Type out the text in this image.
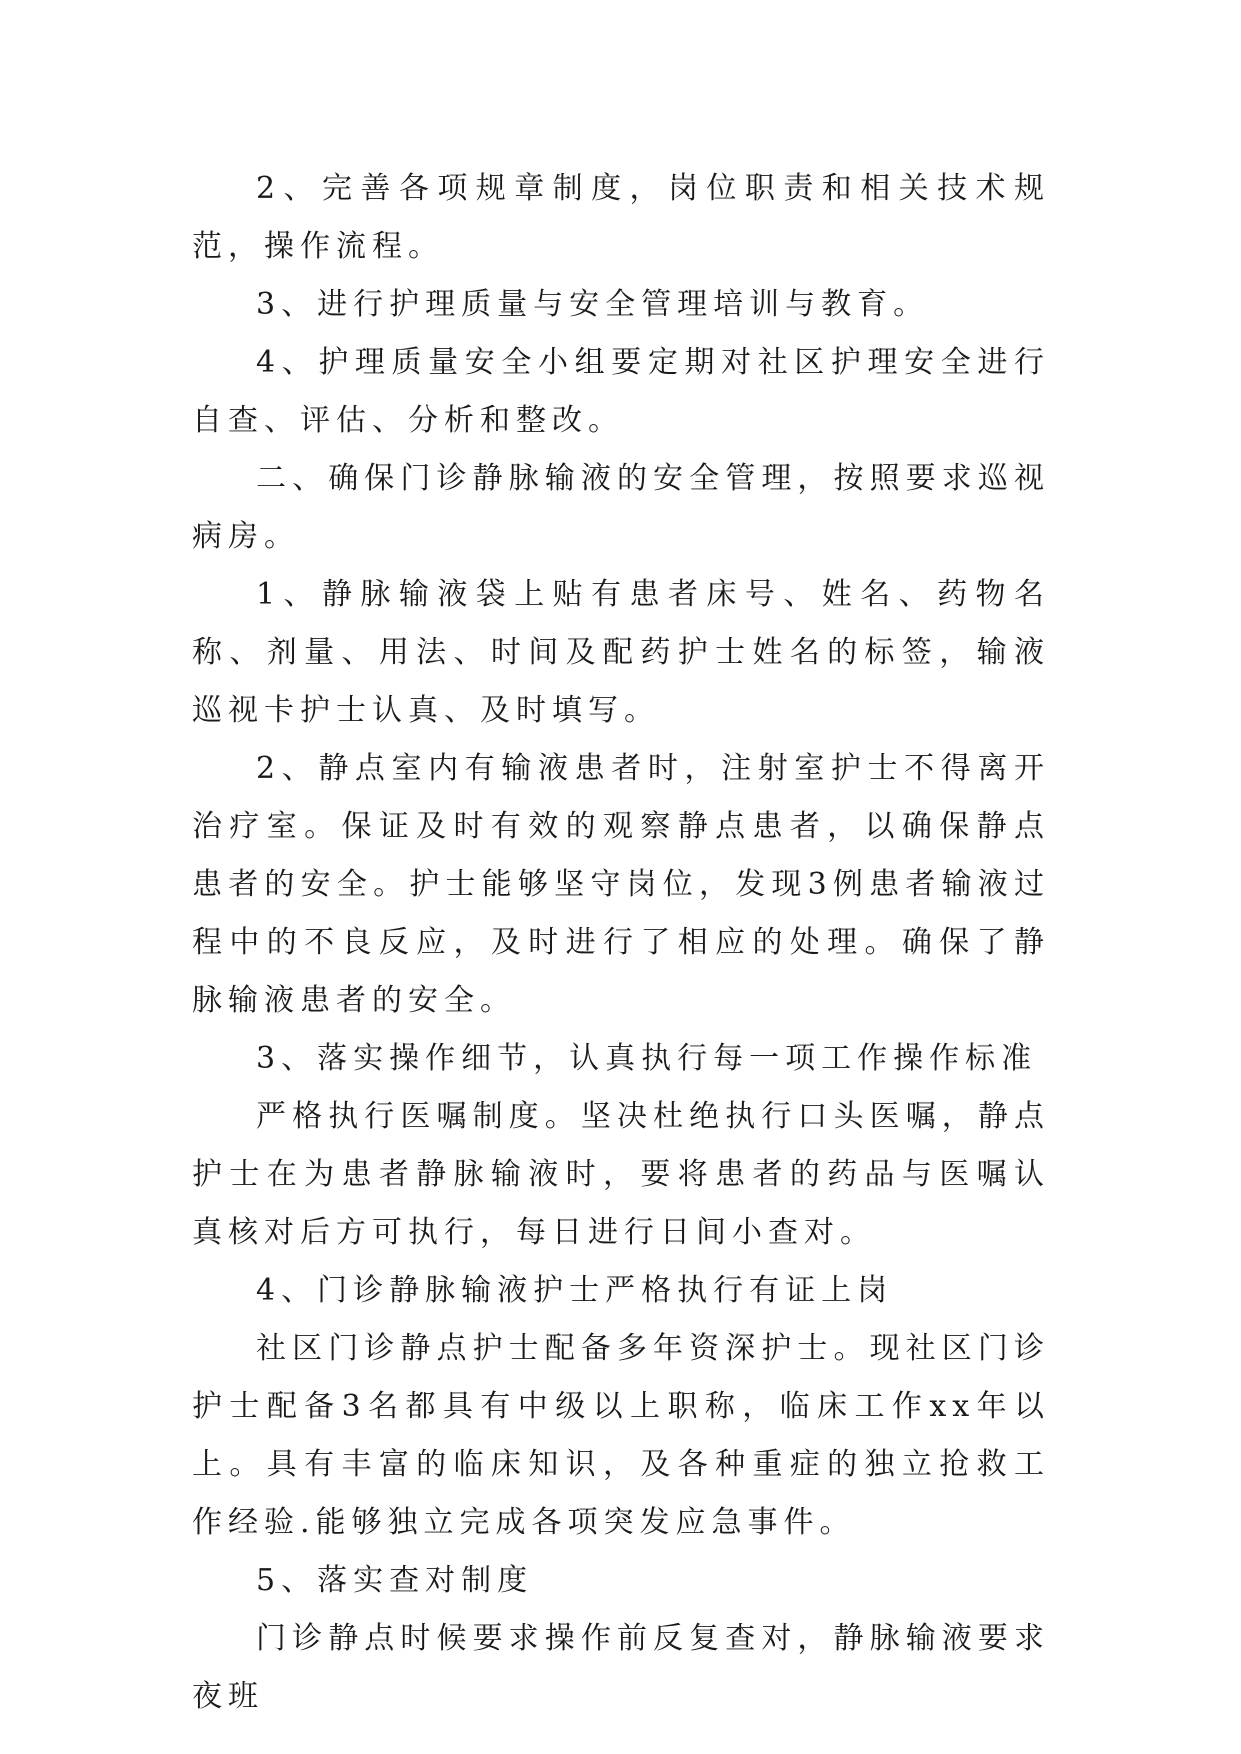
2、完善各项规章制度，岗位职责和相关技术规范，操作流程。

3、进行护理质量与安全管理培训与教育。

4、护理质量安全小组要定期对社区护理安全进行自查、评估、分析和整改。

二、确保门诊静脉输液的安全管理，按照要求巡视病房。

1、静脉输液袋上贴有患者床号、姓名、药物名称、剂量、用法、时间及配药护士姓名的标签，输液巡视卡护士认真、及时填写。

2、静点室内有输液患者时，注射室护士不得离开治疗室。保证及时有效的观察静点患者，以确保静点患者的安全。护士能够坚守岗位，发现3例患者输液过程中的不良反应，及时进行了相应的处理。确保了静脉输液患者的安全。

3、落实操作细节，认真执行每一项工作操作标准

严格执行医嘱制度。坚决杜绝执行口头医嘱，静点护士在为患者静脉输液时，要将患者的药品与医嘱认真核对后方可执行，每日进行日间小查对。

4、门诊静脉输液护士严格执行有证上岗

社区门诊静点护士配备多年资深护士。现社区门诊护士配备3名都具有中级以上职称，临床工作xx年以上。具有丰富的临床知识，及各种重症的独立抢救工作经验.能够独立完成各项突发应急事件。

5、落实查对制度

门诊静点时候要求操作前反复查对，静脉输液要求夜班
